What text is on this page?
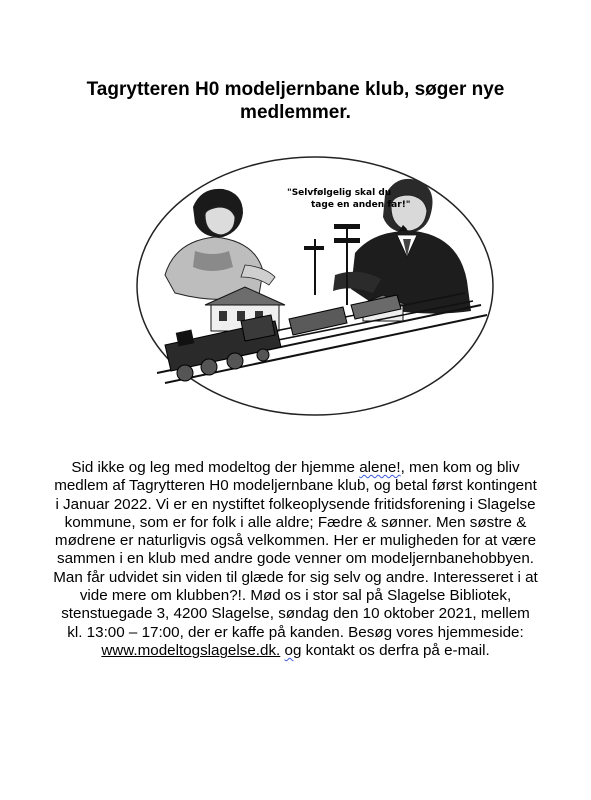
Tagrytteren H0 modeljernbane klub, søger nye medlemmer.
"Selvfølgelig skal du
tage en anden far!"
Sid ikke og leg med modeltog der hjemme alene!, men kom og bliv medlem af Tagrytteren H0 modeljernbane klub, og betal først kontingent i Januar 2022. Vi er en nystiftet folkeoplysende fritidsforening i Slagelse kommune, som er for folk i alle aldre; Fædre & sønner. Men søstre & mødrene er naturligvis også velkommen. Her er muligheden for at være sammen i en klub med andre gode venner om modeljernbanehobbyen. Man får udvidet sin viden til glæde for sig selv og andre. Interesseret i at vide mere om klubben?!. Mød os i stor sal på Slagelse Bibliotek, stenstuegade 3, 4200 Slagelse, søndag den 10 oktober 2021, mellem kl. 13:00 – 17:00, der er kaffe på kanden. Besøg vores hjemmeside: www.modeltogslagelse.dk. og kontakt os derfra på e-mail.
